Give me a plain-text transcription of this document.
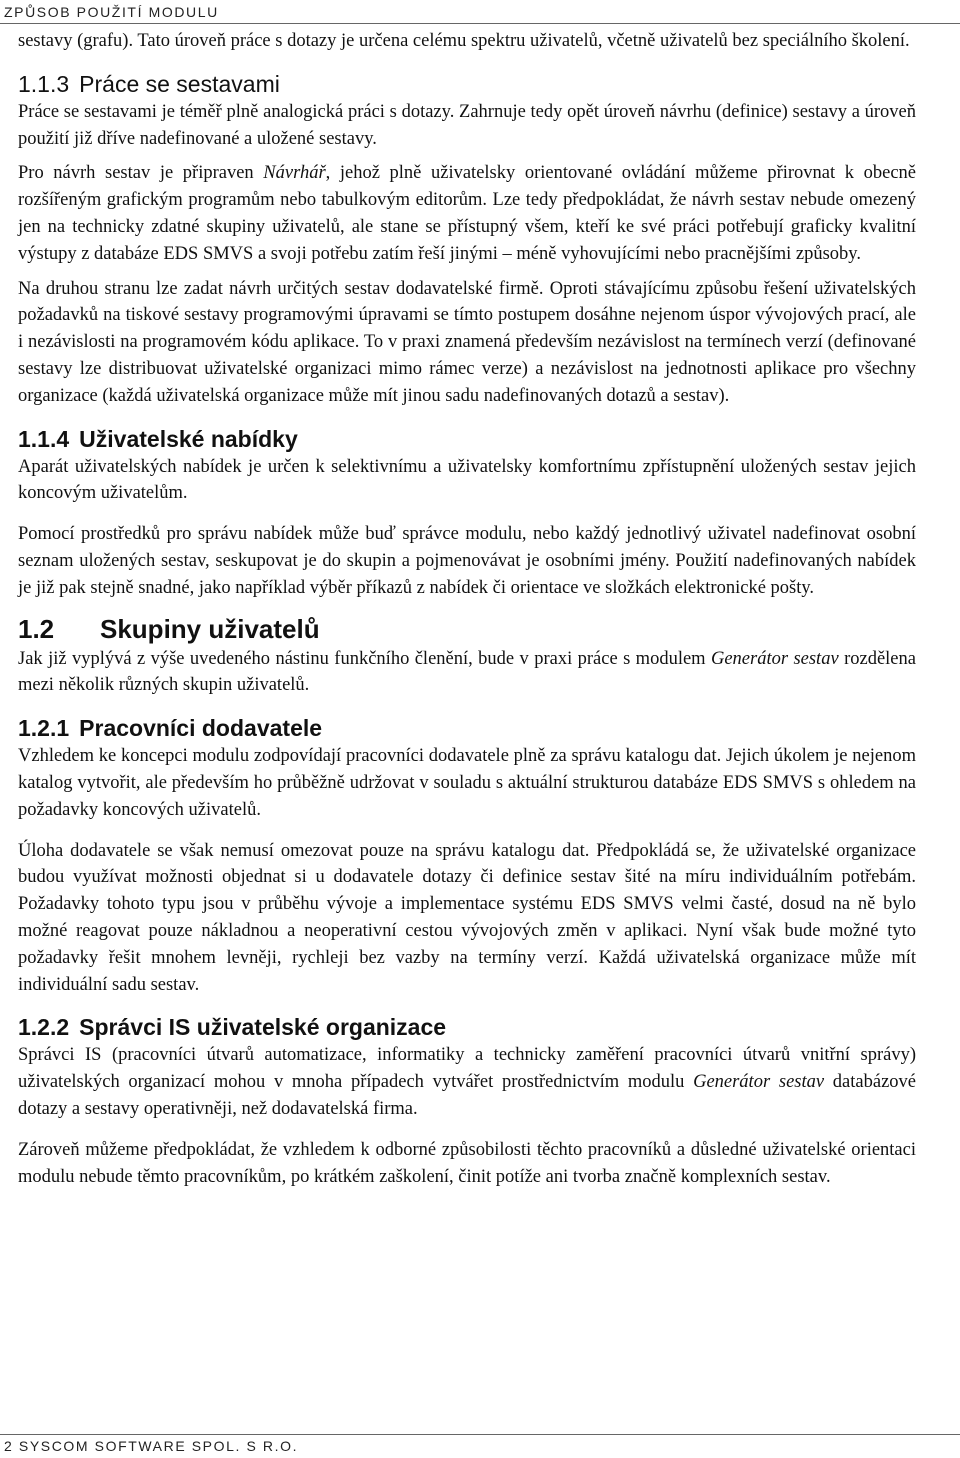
ZPŮSOB POUŽITÍ MODULU

sestavy (grafu). Tato úroveň práce s dotazy je určena celému spektru uživatelů, včetně uživatelů bez speciálního školení.

1.1.3 Práce se sestavami

Práce se sestavami je téměř plně analogická práci s dotazy. Zahrnuje tedy opět úroveň návrhu (definice) sestavy a úroveň použití již dříve nadefinované a uložené sestavy.

Pro návrh sestav je připraven Návrhář, jehož plně uživatelsky orientované ovládání můžeme přirovnat k obecně rozšířeným grafickým programům nebo tabulkovým editorům. Lze tedy předpokládat, že návrh sestav nebude omezený jen na technicky zdatné skupiny uživatelů, ale stane se přístupný všem, kteří ke své práci potřebují graficky kvalitní výstupy z databáze EDS SMVS a svoji potřebu zatím řeší jinými – méně vyhovujícími nebo pracnějšími způsoby.

Na druhou stranu lze zadat návrh určitých sestav dodavatelské firmě. Oproti stávajícímu způsobu řešení uživatelských požadavků na tiskové sestavy programovými úpravami se tímto postupem dosáhne nejenom úspor vývojových prací, ale i nezávislosti na programovém kódu aplikace. To v praxi znamená především nezávislost na termínech verzí (definované sestavy lze distribuovat uživatelské organizaci mimo rámec verze) a nezávislost na jednotnosti aplikace pro všechny organizace (každá uživatelská organizace může mít jinou sadu nadefinovaných dotazů a sestav).

1.1.4 Uživatelské nabídky

Aparát uživatelských nabídek je určen k selektivnímu a uživatelsky komfortnímu zpřístupnění uložených sestav jejich koncovým uživatelům.

Pomocí prostředků pro správu nabídek může buď správce modulu, nebo každý jednotlivý uživatel nadefinovat osobní seznam uložených sestav, seskupovat je do skupin a pojmenovávat je osobními jmény. Použití nadefinovaných nabídek je již pak stejně snadné, jako například výběr příkazů z nabídek či orientace ve složkách elektronické pošty.

1.2 Skupiny uživatelů

Jak již vyplývá z výše uvedeného nástinu funkčního členění, bude v praxi práce s modulem Generátor sestav rozdělena mezi několik různých skupin uživatelů.

1.2.1 Pracovníci dodavatele

Vzhledem ke koncepci modulu zodpovídají pracovníci dodavatele plně za správu katalogu dat. Jejich úkolem je nejenom katalog vytvořit, ale především ho průběžně udržovat v souladu s aktuální strukturou databáze EDS SMVS s ohledem na požadavky koncových uživatelů.

Úloha dodavatele se však nemusí omezovat pouze na správu katalogu dat. Předpokládá se, že uživatelské organizace budou využívat možnosti objednat si u dodavatele dotazy či definice sestav šité na míru individuálním potřebám. Požadavky tohoto typu jsou v průběhu vývoje a implementace systému EDS SMVS velmi časté, dosud na ně bylo možné reagovat pouze nákladnou a neoperativní cestou vývojových změn v aplikaci. Nyní však bude možné tyto požadavky řešit mnohem levněji, rychleji bez vazby na termíny verzí. Každá uživatelská organizace může mít individuální sadu sestav.

1.2.2 Správci IS uživatelské organizace

Správci IS (pracovníci útvarů automatizace, informatiky a technicky zaměření pracovníci útvarů vnitřní správy) uživatelských organizací mohou v mnoha případech vytvářet prostřednictvím modulu Generátor sestav databázové dotazy a sestavy operativněji, než dodavatelská firma.

Zároveň můžeme předpokládat, že vzhledem k odborné způsobilosti těchto pracovníků a důsledné uživatelské orientaci modulu nebude těmto pracovníkům, po krátkém zaškolení, činit potíže ani tvorba značně komplexních sestav.

2 SYSCOM SOFTWARE SPOL. S R.O.
